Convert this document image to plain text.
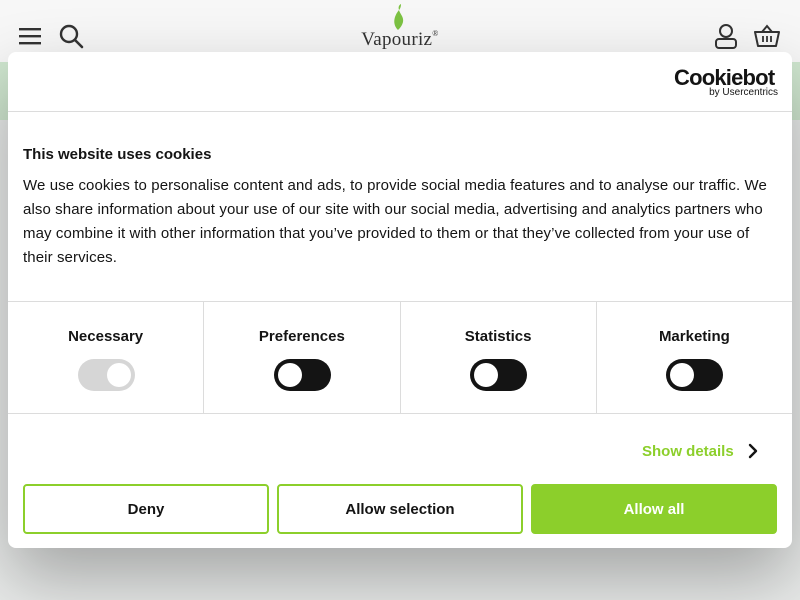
Vapouriz®
Cookiebot
by Usercentrics
This website uses cookies
We use cookies to personalise content and ads, to provide social media features and to analyse our traffic. We also share information about your use of our site with our social media, advertising and analytics partners who may combine it with other information that you’ve provided to them or that they’ve collected from your use of their services.
Necessary	Preferences	Statistics	Marketing
Show details
Deny	Allow selection	Allow all
